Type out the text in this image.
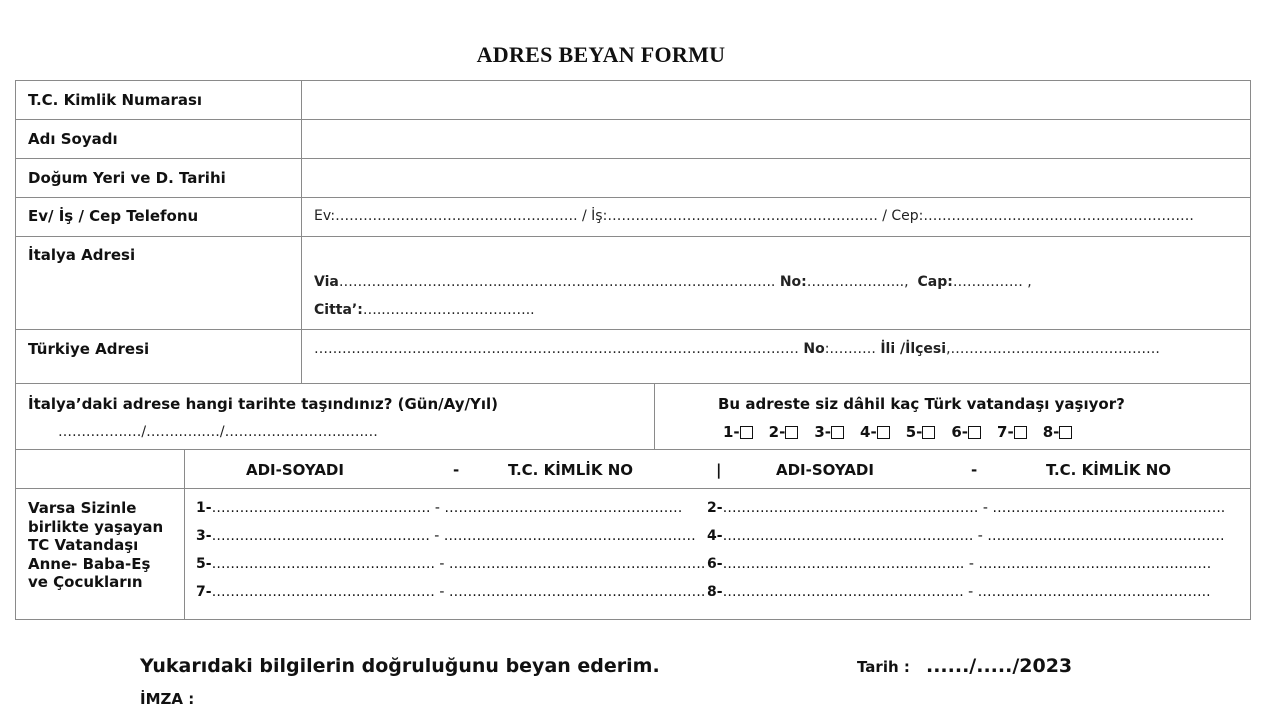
ADRES BEYAN FORMU
T.C. Kimlik Numarası
Adı Soyadı
Doğum Yeri ve D. Tarihi
Ev/ İş / Cep Telefonu	Ev:……………………………………………. / İş:…………………………………………………. / Cep:………………………………………………….
İtalya Adresi
Via……………………………...………………………….....………………….. No:………………..., Cap:…………… ,
Citta’:…..…………………………..
Türkiye Adresi	…………………………………..……………………………………………………… No:………. İli /İlçesi,………………………..…………….
İtalya’daki adrese hangi tarihte taşındınız? (Gün/Ay/Yıl)
…….……..…/……..…..…/……………………..….…
Bu adreste siz dâhil kaç Türk vatandaşı yaşıyor?
1- 2- 3- 4- 5- 6- 7- 8-
ADI-SOYADI	-	T.C. KİMLİK NO	|	ADI-SOYADI	-	T.C. KİMLİK NO
Varsa Sizinle birlikte yaşayan TC Vatandaşı Anne- Baba-Eş ve Çocukların
1-………………………….……………. - ……………………………………………
3-…………………………..…..………. - ………………………………………………
5-………………………………..………. - ……………………………………………….
7-…………………………..…….……… - ……………………………………………….
2-……….…..…………………………………. - …………………………………………..
4-……….…..………..………………………. - ……………….…..………………………
6-………………………………….………... - ……………………….………………….
8-…………….……..………...……………. - …………………………………………..
Yukarıdaki bilgilerin doğruluğunu beyan ederim.	Tarih : ....../...../2023
İMZA :
